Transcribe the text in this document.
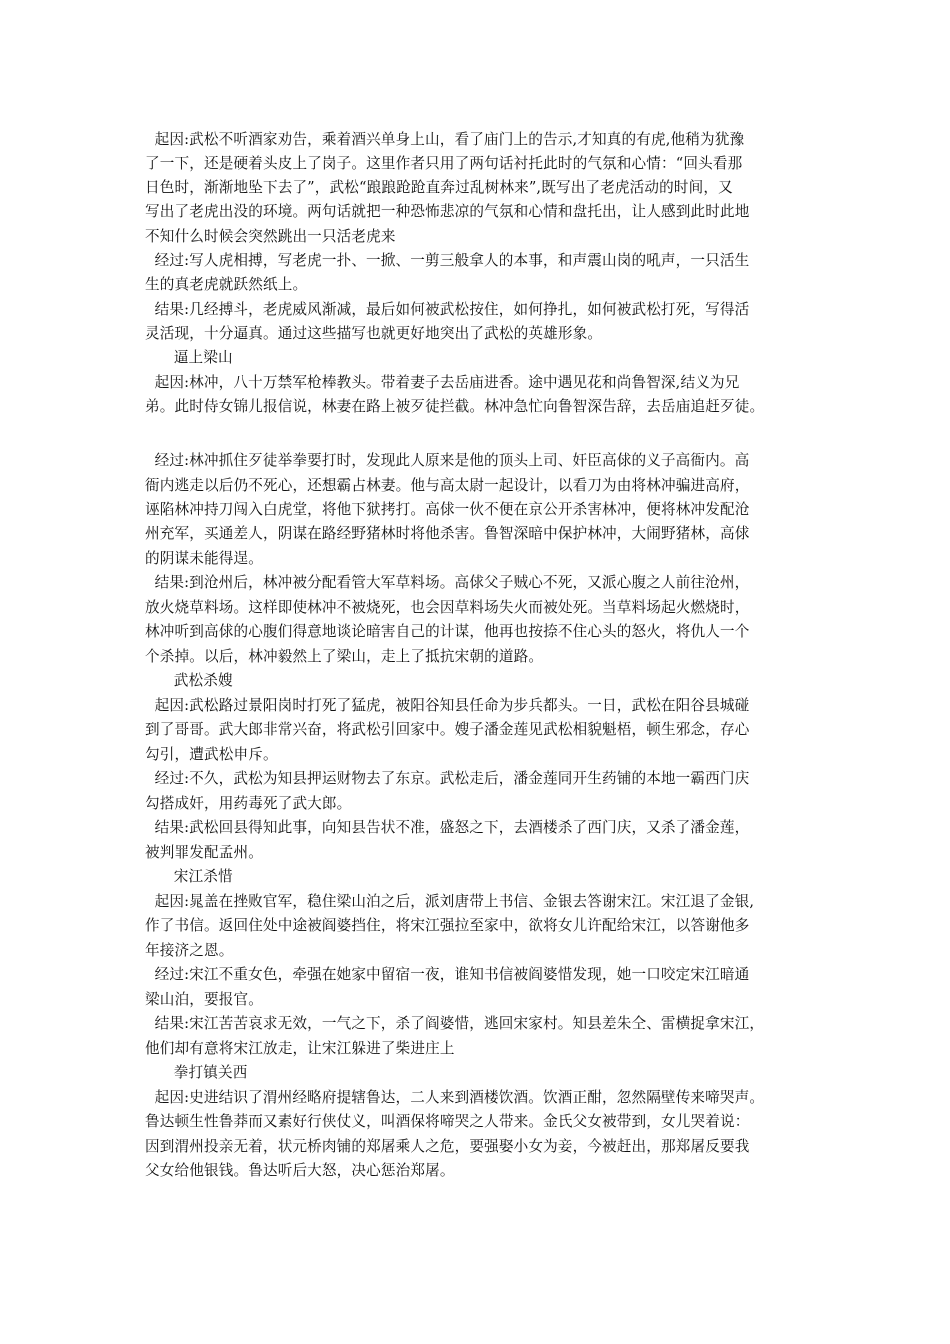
起因:武松不听酒家劝告，乘着酒兴单身上山，看了庙门上的告示,才知真的有虎,他稍为犹豫
了一下，还是硬着头皮上了岗子。这里作者只用了两句话衬托此时的气氛和心情：“回头看那
日色时，渐渐地坠下去了”，武松“踉踉跄跄直奔过乱树林来”,既写出了老虎活动的时间，又
写出了老虎出没的环境。两句话就把一种恐怖悲凉的气氛和心情和盘托出，让人感到此时此地
不知什么时候会突然跳出一只活老虎来
经过:写人虎相搏，写老虎一扑、一掀、一剪三般拿人的本事，和声震山岗的吼声，一只活生
生的真老虎就跃然纸上。
结果:几经搏斗，老虎威风渐减，最后如何被武松按住，如何挣扎，如何被武松打死，写得活
灵活现，十分逼真。通过这些描写也就更好地突出了武松的英雄形象。
逼上梁山
起因:林冲，八十万禁军枪棒教头。带着妻子去岳庙进香。途中遇见花和尚鲁智深,结义为兄
弟。此时侍女锦儿报信说，林妻在路上被歹徒拦截。林冲急忙向鲁智深告辞，去岳庙追赶歹徒。
经过:林冲抓住歹徒举拳要打时，发现此人原来是他的顶头上司、奸臣高俅的义子高衙内。高
衙内逃走以后仍不死心，还想霸占林妻。他与高太尉一起设计，以看刀为由将林冲骗进高府，
诬陷林冲持刀闯入白虎堂，将他下狱拷打。高俅一伙不便在京公开杀害林冲，便将林冲发配沧
州充军，买通差人，阴谋在路经野猪林时将他杀害。鲁智深暗中保护林冲，大闹野猪林，高俅
的阴谋未能得逞。
结果:到沧州后，林冲被分配看管大军草料场。高俅父子贼心不死，又派心腹之人前往沧州，
放火烧草料场。这样即使林冲不被烧死，也会因草料场失火而被处死。当草料场起火燃烧时，
林冲听到高俅的心腹们得意地谈论暗害自己的计谋，他再也按捺不住心头的怒火，将仇人一个
个杀掉。以后，林冲毅然上了梁山，走上了抵抗宋朝的道路。
武松杀嫂
起因:武松路过景阳岗时打死了猛虎，被阳谷知县任命为步兵都头。一日，武松在阳谷县城碰
到了哥哥。武大郎非常兴奋，将武松引回家中。嫂子潘金莲见武松相貌魁梧，顿生邪念，存心
勾引，遭武松申斥。
经过:不久，武松为知县押运财物去了东京。武松走后，潘金莲同开生药铺的本地一霸西门庆
勾搭成奸，用药毒死了武大郎。
结果:武松回县得知此事，向知县告状不准，盛怒之下，去酒楼杀了西门庆，又杀了潘金莲，
被判罪发配孟州。
宋江杀惜
起因:晁盖在挫败官军，稳住梁山泊之后，派刘唐带上书信、金银去答谢宋江。宋江退了金银,
作了书信。返回住处中途被阎婆挡住，将宋江强拉至家中，欲将女儿许配给宋江，以答谢他多
年接济之恩。
经过:宋江不重女色，牵强在她家中留宿一夜，谁知书信被阎婆惜发现，她一口咬定宋江暗通
梁山泊，要报官。
结果:宋江苦苦哀求无效，一气之下，杀了阎婆惜，逃回宋家村。知县差朱仝、雷横捉拿宋江，
他们却有意将宋江放走，让宋江躲进了柴进庄上
拳打镇关西
起因:史进结识了渭州经略府提辖鲁达，二人来到酒楼饮酒。饮酒正酣，忽然隔壁传来啼哭声。
鲁达顿生性鲁莽而又素好行侠仗义，叫酒保将啼哭之人带来。金氏父女被带到，女儿哭着说：
因到渭州投亲无着，状元桥肉铺的郑屠乘人之危，要强娶小女为妾，今被赶出，那郑屠反要我
父女给他银钱。鲁达听后大怒，决心惩治郑屠。
